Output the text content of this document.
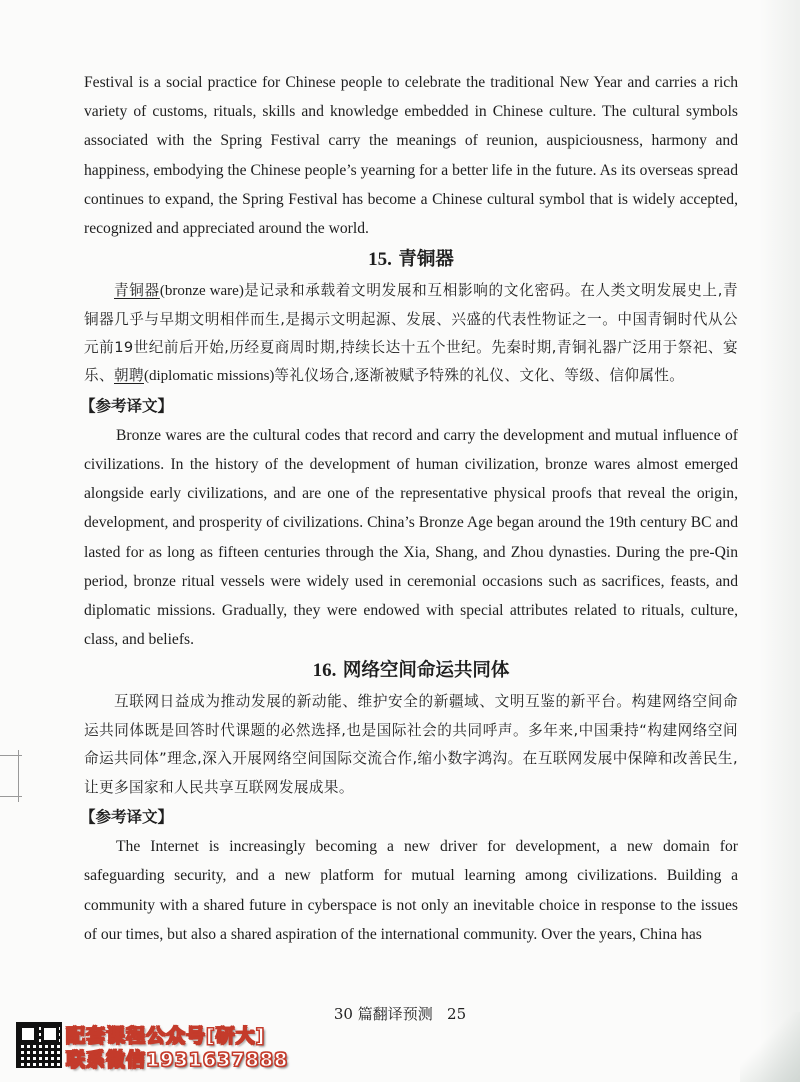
Festival is a social practice for Chinese people to celebrate the traditional New Year and carries a rich variety of customs, rituals, skills and knowledge embedded in Chinese culture. The cultural symbols associated with the Spring Festival carry the meanings of reunion, auspiciousness, harmony and happiness, embodying the Chinese people’s yearning for a better life in the future. As its overseas spread continues to expand, the Spring Festival has become a Chinese cultural symbol that is widely accepted, recognized and appreciated around the world.

15. 青铜器

青铜器(bronze ware)是记录和承载着文明发展和互相影响的文化密码。在人类文明发展史上,青铜器几乎与早期文明相伴而生,是揭示文明起源、发展、兴盛的代表性物证之一。中国青铜时代从公元前19世纪前后开始,历经夏商周时期,持续长达十五个世纪。先秦时期,青铜礼器广泛用于祭祀、宴乐、朝聘(diplomatic missions)等礼仪场合,逐渐被赋予特殊的礼仪、文化、等级、信仰属性。

【参考译文】

Bronze wares are the cultural codes that record and carry the development and mutual influence of civilizations. In the history of the development of human civilization, bronze wares almost emerged alongside early civilizations, and are one of the representative physical proofs that reveal the origin, development, and prosperity of civilizations. China’s Bronze Age began around the 19th century BC and lasted for as long as fifteen centuries through the Xia, Shang, and Zhou dynasties. During the pre-Qin period, bronze ritual vessels were widely used in ceremonial occasions such as sacrifices, feasts, and diplomatic missions. Gradually, they were endowed with special attributes related to rituals, culture, class, and beliefs.

16. 网络空间命运共同体

互联网日益成为推动发展的新动能、维护安全的新疆域、文明互鉴的新平台。构建网络空间命运共同体既是回答时代课题的必然选择,也是国际社会的共同呼声。多年来,中国秉持“构建网络空间命运共同体”理念,深入开展网络空间国际交流合作,缩小数字鸿沟。在互联网发展中保障和改善民生,让更多国家和人民共享互联网发展成果。

【参考译文】

The Internet is increasingly becoming a new driver for development, a new domain for safeguarding security, and a new platform for mutual learning among civilizations. Building a community with a shared future in cyberspace is not only an inevitable choice in response to the issues of our times, but also a shared aspiration of the international community. Over the years, China has

30 篇翻译预测 25
配套课程公众号[研大]
联系微信1931637888
